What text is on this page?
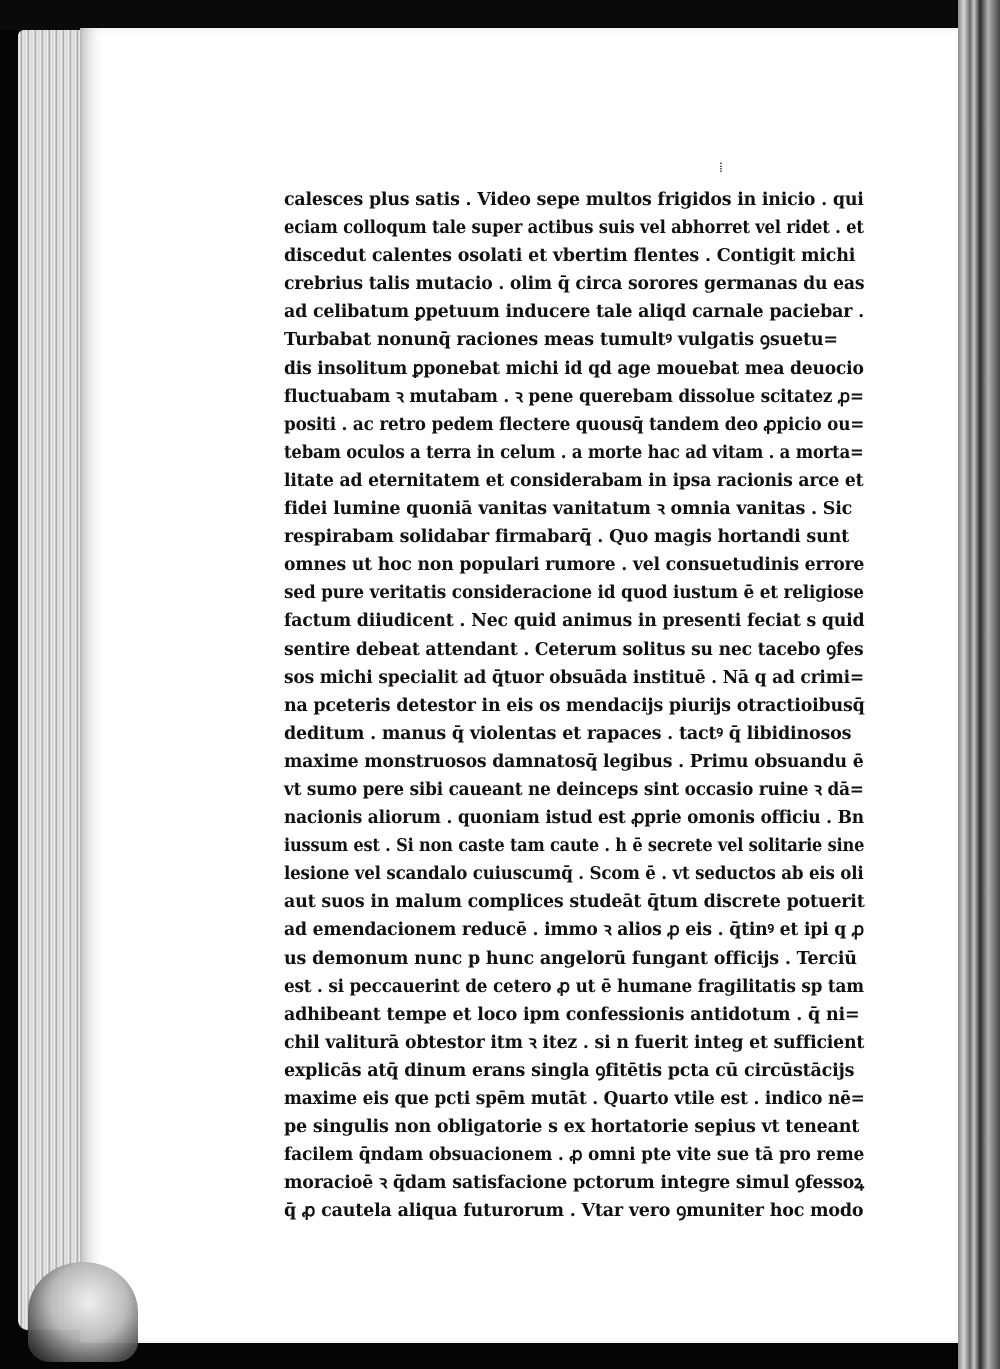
⁞
calesces plus satis . Video sepe multos frigidos in inicio . qui
eciam colloqum tale super actibus suis vel abhorret vel ridet . et
discedut calentes osolati et vbertim flentes . Contigit michi
crebrius talis mutacio . olim q̄ circa sorores germanas du eas
ad celibatum ꝑpetuum inducere tale aliqd carnale paciebar .
Turbabat nonunq̄ raciones meas tumultꝰ vulgatis ꝯsuetu=
dis insolitum ꝑponebat michi id qd age mouebat mea deuocio
fluctuabam ꝛ mutabam . ꝛ pene querebam dissolue scitatez ꝓ=
positi . ac retro pedem flectere quousq̄ tandem deo ꝓpicio ou=
tebam oculos a terra in celum . a morte hac ad vitam . a morta=
litate ad eternitatem et considerabam in ipsa racionis arce et
fidei lumine quoniā vanitas vanitatum ꝛ omnia vanitas . Sic
respirabam solidabar firmabarq̄ . Quo magis hortandi sunt
omnes ut hoc non populari rumore . vel consuetudinis errore
sed pure veritatis consideracione id quod iustum ē et religiose
factum diiudicent . Nec quid animus in presenti feciat s quid
sentire debeat attendant . Ceterum solitus su nec tacebo ꝯfes
sos michi specialit ad q̄tuor obsuāda instituē . Nā q ad crimi=
na pceteris detestor in eis os mendacijs piurijs otractioibusq̄
deditum . manus q̄ violentas et rapaces . tactꝰ q̄ libidinosos
maxime monstruosos damnatosq̄ legibus . Primu obsuandu ē
vt sumo pere sibi caueant ne deinceps sint occasio ruine ꝛ dā=
nacionis aliorum . quoniam istud est ꝓprie omonis officiu . Bn
iussum est . Si non caste tam caute . h ē secrete vel solitarie sine
lesione vel scandalo cuiuscumq̄ . Scom ē . vt seductos ab eis oli
aut suos in malum complices studeāt q̄tum discrete potuerit
ad emendacionem reducē . immo ꝛ alios ꝓ eis . q̄tinꝰ et ipi q ꝓ
us demonum nunc p hunc angelorū fungant officijs . Terciū
est . si peccauerint de cetero ꝓ ut ē humane fragilitatis sp tam
adhibeant tempe et loco ipm confessionis antidotum . q̄ ni=
chil valiturā obtestor itm ꝛ itez . si n fuerit integ et sufficient
explicās atq̄ dinum erans singla ꝯfitētis pcta cū circūstācijs
maxime eis que pcti spēm mutāt . Quarto vtile est . indico nē=
pe singulis non obligatorie s ex hortatorie sepius vt teneant
facilem q̄ndam obsuacionem . ꝓ omni pte vite sue tā pro reme
moracioē ꝛ q̄dam satisfacione pctorum integre simul ꝯfessoꝝ
q̄ ꝓ cautela aliqua futurorum . Vtar vero ꝯmuniter hoc modo
